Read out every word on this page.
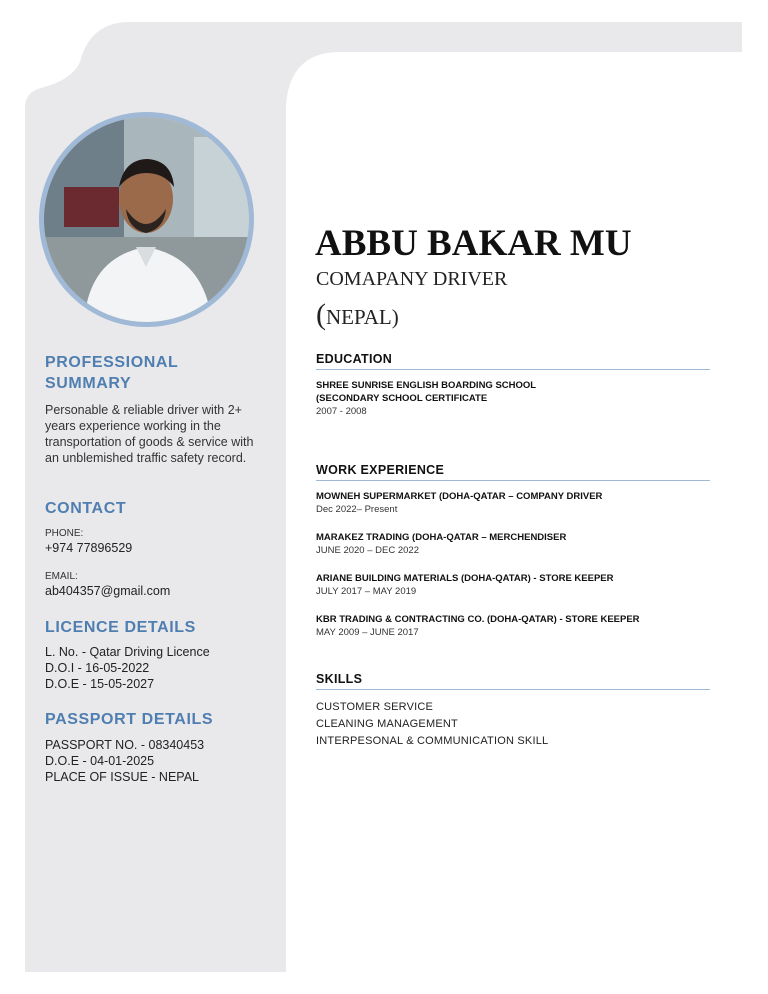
PROFESSIONAL
SUMMARY

Personable & reliable driver with 2+ years experience working in the transportation of goods & service with an unblemished traffic safety record.

CONTACT

PHONE:

+974 77896529

EMAIL:

ab404357@gmail.com

LICENCE DETAILS

L. No. - Qatar Driving Licence

D.O.I - 16-05-2022

D.O.E - 15-05-2027

PASSPORT DETAILS

PASSPORT NO. - 08340453

D.O.E - 04-01-2025

PLACE OF ISSUE - NEPAL

ABBU BAKAR MU

COMAPANY DRIVER

(NEPAL)

EDUCATION

SHREE SUNRISE ENGLISH BOARDING SCHOOL

(SECONDARY SCHOOL CERTIFICATE

2007 - 2008

WORK EXPERIENCE

MOWNEH SUPERMARKET (DOHA-QATAR – COMPANY DRIVER

Dec 2022– Present

MARAKEZ TRADING (DOHA-QATAR – MERCHENDISER

JUNE 2020 – DEC 2022

ARIANE BUILDING MATERIALS (DOHA-QATAR) - STORE KEEPER

JULY 2017 – MAY 2019

KBR TRADING & CONTRACTING CO. (DOHA-QATAR) - STORE KEEPER

MAY 2009 – JUNE 2017

SKILLS

CUSTOMER SERVICE

CLEANING MANAGEMENT

INTERPESONAL & COMMUNICATION SKILL
